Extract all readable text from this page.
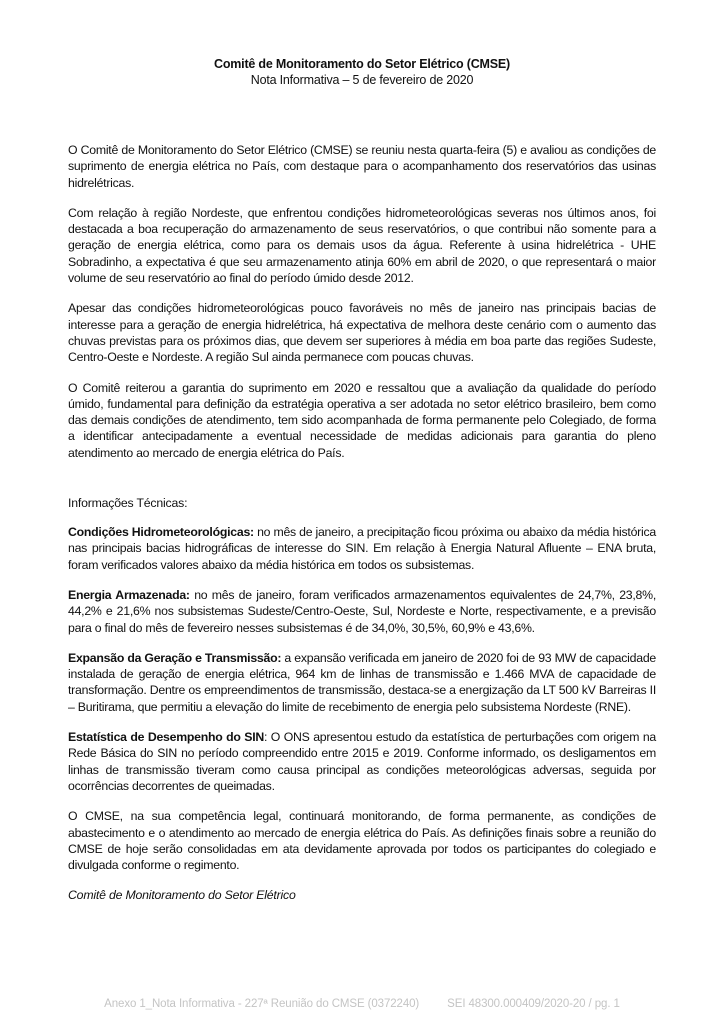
Comitê de Monitoramento do Setor Elétrico (CMSE)
Nota Informativa – 5 de fevereiro de 2020

O Comitê de Monitoramento do Setor Elétrico (CMSE) se reuniu nesta quarta-feira (5) e avaliou as condições de suprimento de energia elétrica no País, com destaque para o acompanhamento dos reservatórios das usinas hidrelétricas.

Com relação à região Nordeste, que enfrentou condições hidrometeorológicas severas nos últimos anos, foi destacada a boa recuperação do armazenamento de seus reservatórios, o que contribui não somente para a geração de energia elétrica, como para os demais usos da água. Referente à usina hidrelétrica - UHE Sobradinho, a expectativa é que seu armazenamento atinja 60% em abril de 2020, o que representará o maior volume de seu reservatório ao final do período úmido desde 2012.

Apesar das condições hidrometeorológicas pouco favoráveis no mês de janeiro nas principais bacias de interesse para a geração de energia hidrelétrica, há expectativa de melhora deste cenário com o aumento das chuvas previstas para os próximos dias, que devem ser superiores à média em boa parte das regiões Sudeste, Centro-Oeste e Nordeste. A região Sul ainda permanece com poucas chuvas.

O Comitê reiterou a garantia do suprimento em 2020 e ressaltou que a avaliação da qualidade do período úmido, fundamental para definição da estratégia operativa a ser adotada no setor elétrico brasileiro, bem como das demais condições de atendimento, tem sido acompanhada de forma permanente pelo Colegiado, de forma a identificar antecipadamente a eventual necessidade de medidas adicionais para garantia do pleno atendimento ao mercado de energia elétrica do País.

Informações Técnicas:

Condições Hidrometeorológicas: no mês de janeiro, a precipitação ficou próxima ou abaixo da média histórica nas principais bacias hidrográficas de interesse do SIN. Em relação à Energia Natural Afluente – ENA bruta, foram verificados valores abaixo da média histórica em todos os subsistemas.

Energia Armazenada: no mês de janeiro, foram verificados armazenamentos equivalentes de 24,7%, 23,8%, 44,2% e 21,6% nos subsistemas Sudeste/Centro-Oeste, Sul, Nordeste e Norte, respectivamente, e a previsão para o final do mês de fevereiro nesses subsistemas é de 34,0%, 30,5%, 60,9% e 43,6%.

Expansão da Geração e Transmissão: a expansão verificada em janeiro de 2020 foi de 93 MW de capacidade instalada de geração de energia elétrica, 964 km de linhas de transmissão e 1.466 MVA de capacidade de transformação. Dentre os empreendimentos de transmissão, destaca-se a energização da LT 500 kV Barreiras II – Buritirama, que permitiu a elevação do limite de recebimento de energia pelo subsistema Nordeste (RNE).

Estatística de Desempenho do SIN: O ONS apresentou estudo da estatística de perturbações com origem na Rede Básica do SIN no período compreendido entre 2015 e 2019. Conforme informado, os desligamentos em linhas de transmissão tiveram como causa principal as condições meteorológicas adversas, seguida por ocorrências decorrentes de queimadas.

O CMSE, na sua competência legal, continuará monitorando, de forma permanente, as condições de abastecimento e o atendimento ao mercado de energia elétrica do País. As definições finais sobre a reunião do CMSE de hoje serão consolidadas em ata devidamente aprovada por todos os participantes do colegiado e divulgada conforme o regimento.

Comitê de Monitoramento do Setor Elétrico
Anexo 1_Nota Informativa - 227ª Reunião do CMSE (0372240) SEI 48300.000409/2020-20 / pg. 1
